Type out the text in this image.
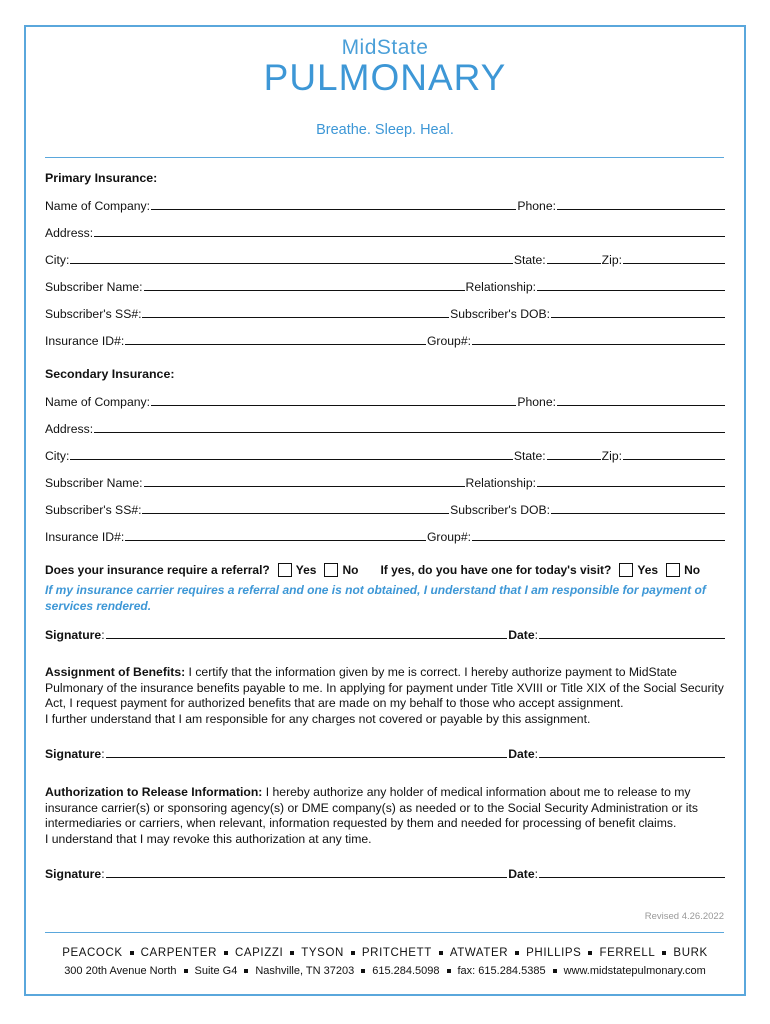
MidState
PULMONARY
Breathe. Sleep. Heal.
Primary Insurance:
Name of Company:	Phone:
Address:
City:	State:	Zip:
Subscriber Name:	Relationship:
Subscriber's SS#:	Subscriber's DOB:
Insurance ID#:	Group#:
Secondary Insurance:
Name of Company:	Phone:
Address:
City:	State:	Zip:
Subscriber Name:	Relationship:
Subscriber's SS#:	Subscriber's DOB:
Insurance ID#:	Group#:
Does your insurance require a referral? Yes No If yes, do you have one for today's visit? Yes No
If my insurance carrier requires a referral and one is not obtained, I understand that I am responsible for payment of services rendered.
Signature:	Date:
Assignment of Benefits: I certify that the information given by me is correct. I hereby authorize payment to MidState Pulmonary of the insurance benefits payable to me. In applying for payment under Title XVIII or Title XIX of the Social Security Act, I request payment for authorized benefits that are made on my behalf to those who accept assignment.
I further understand that I am responsible for any charges not covered or payable by this assignment.
Signature:	Date:
Authorization to Release Information: I hereby authorize any holder of medical information about me to release to my insurance carrier(s) or sponsoring agency(s) or DME company(s) as needed or to the Social Security Administration or its intermediaries or carriers, when relevant, information requested by them and needed for processing of benefit claims.
I understand that I may revoke this authorization at any time.
Signature:	Date:
Revised 4.26.2022
PEACOCK CARPENTER CAPIZZI TYSON PRITCHETT ATWATER PHILLIPS FERRELL BURK
300 20th Avenue North Suite G4 Nashville, TN 37203 615.284.5098 fax: 615.284.5385 www.midstatepulmonary.com
